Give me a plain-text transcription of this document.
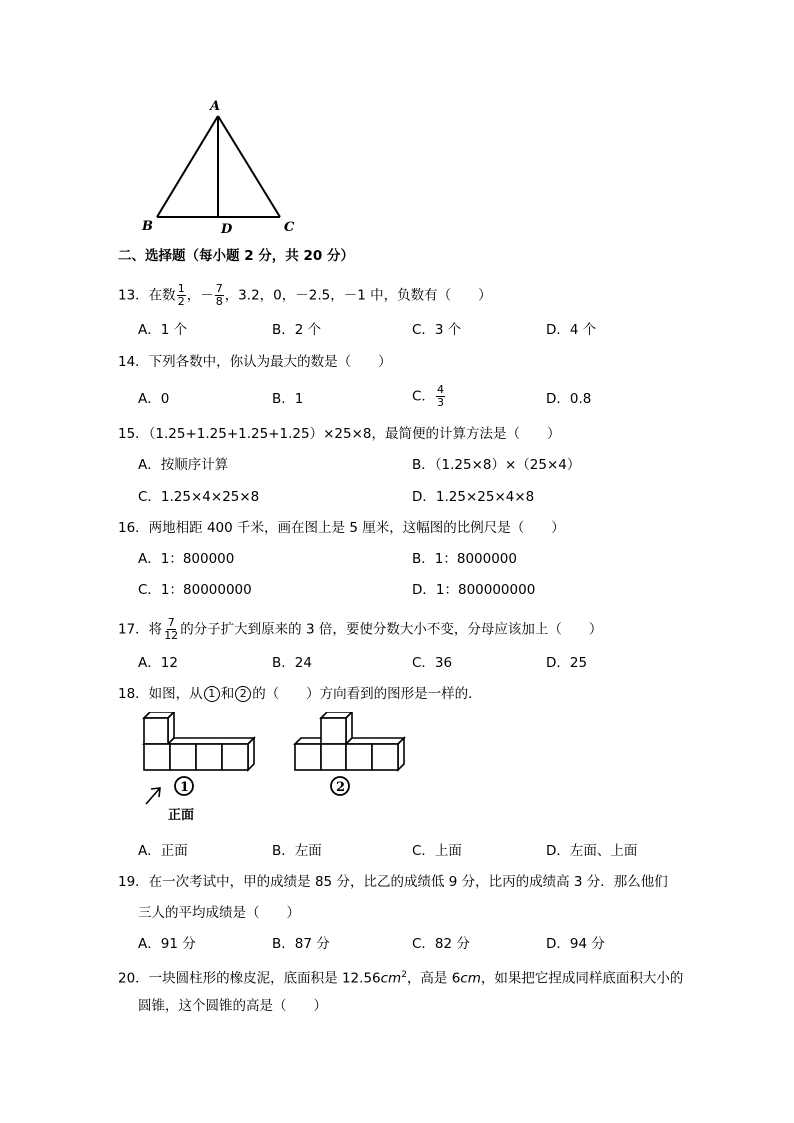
A
B	D	C
二、选择题（每小题 2 分，共 20 分）
13．在数 $\frac{1}{2}$ ，－ $\frac{7}{8}$ ，3.2，0，－2.5，－1 中，负数有（　　）
A．1 个	B．2 个	C．3 个	D．4 个
14．下列各数中，你认为最大的数是（　　）
A．0	B．1	C． $\frac{4}{3}$	D．0.8
15．（1.25+1.25+1.25+1.25）×25×8，最简便的计算方法是（　　）
A．按顺序计算	B．（1.25×8）×（25×4）
C．1.25×4×25×8	D．1.25×25×4×8
16．两地相距 400 千米，画在图上是 5 厘米，这幅图的比例尺是（　　）
A．1：800000	B．1：8000000
C．1：80000000	D．1：800000000
17．将 $\frac{7}{12}$ 的分子扩大到原来的 3 倍，要使分数大小不变，分母应该加上（　　）
A．12	B．24	C．36	D．25
18．如图，从 1 和 2 的（　　）方向看到的图形是一样的．
1	2
正面
A．正面	B．左面	C．上面	D．左面、上面
19．在一次考试中，甲的成绩是 85 分，比乙的成绩低 9 分，比丙的成绩高 3 分．那么他们
三人的平均成绩是（　　）
A．91 分	B．87 分	C．82 分	D．94 分
20．一块圆柱形的橡皮泥，底面积是 $12.56cm^2$，高是 6cm，如果把它捏成同样底面积大小的
圆锥，这个圆锥的高是（　　）
